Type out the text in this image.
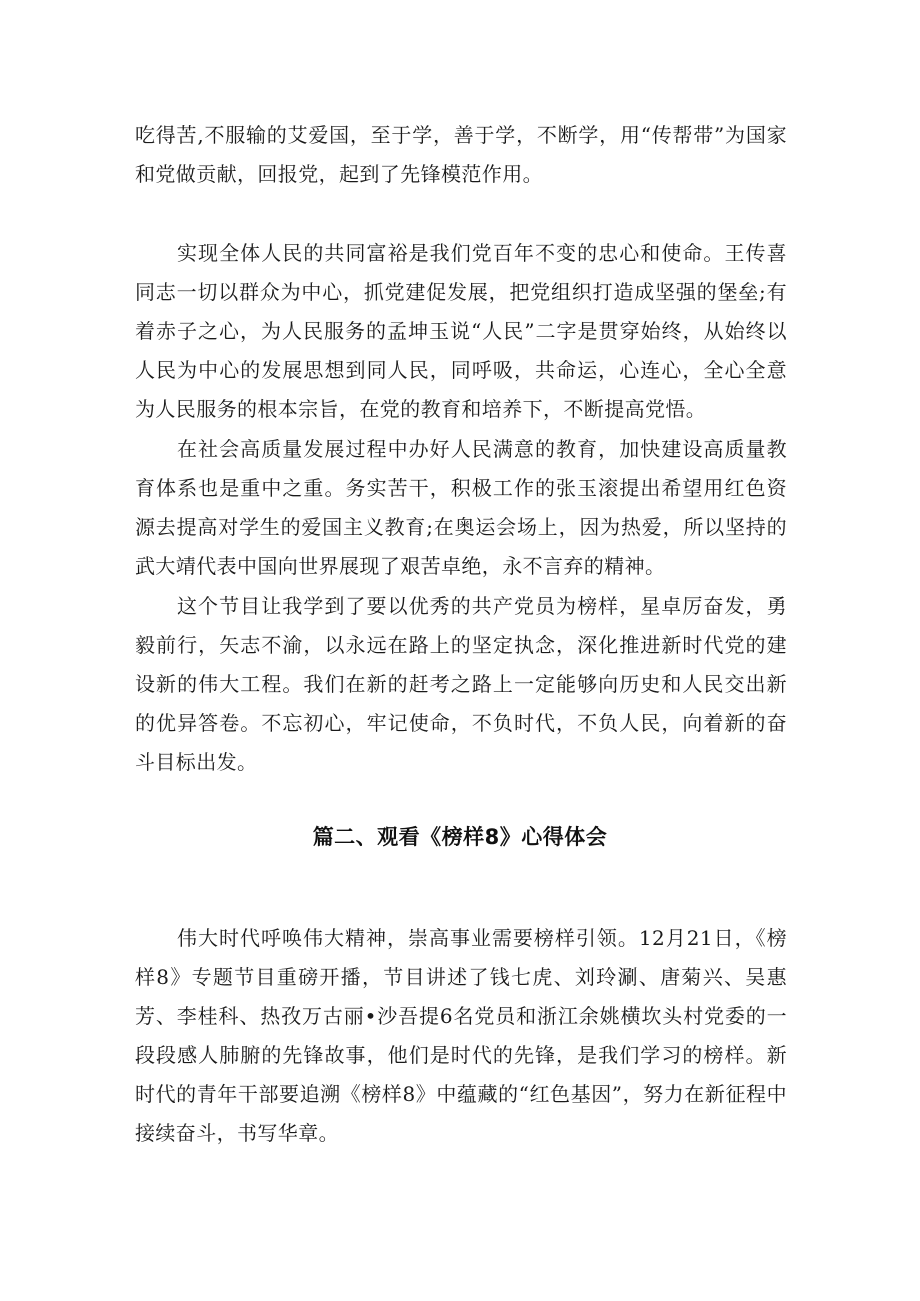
吃得苦,不服输的艾爱国，至于学，善于学，不断学，用“传帮带”为国家和党做贡献，回报党，起到了先锋模范作用。

实现全体人民的共同富裕是我们党百年不变的忠心和使命。王传喜同志一切以群众为中心，抓党建促发展，把党组织打造成坚强的堡垒;有着赤子之心，为人民服务的孟坤玉说“人民”二字是贯穿始终，从始终以人民为中心的发展思想到同人民，同呼吸，共命运，心连心，全心全意为人民服务的根本宗旨，在党的教育和培养下，不断提高党悟。

在社会高质量发展过程中办好人民满意的教育，加快建设高质量教育体系也是重中之重。务实苦干，积极工作的张玉滚提出希望用红色资源去提高对学生的爱国主义教育;在奥运会场上，因为热爱，所以坚持的武大靖代表中国向世界展现了艰苦卓绝，永不言弃的精神。

这个节目让我学到了要以优秀的共产党员为榜样，星卓厉奋发，勇毅前行，矢志不渝，以永远在路上的坚定执念，深化推进新时代党的建设新的伟大工程。我们在新的赶考之路上一定能够向历史和人民交出新的优异答卷。不忘初心，牢记使命，不负时代，不负人民，向着新的奋斗目标出发。

篇二、观看《榜样8》心得体会

伟大时代呼唤伟大精神，崇高事业需要榜样引领。12月21日，《榜样8》专题节目重磅开播，节目讲述了钱七虎、刘玲涮、唐菊兴、吴惠芳、李桂科、热孜万古丽•沙吾提6名党员和浙江余姚横坎头村党委的一段段感人肺腑的先锋故事，他们是时代的先锋，是我们学习的榜样。新时代的青年干部要追溯《榜样8》中蕴藏的“红色基因”，努力在新征程中接续奋斗，书写华章。
